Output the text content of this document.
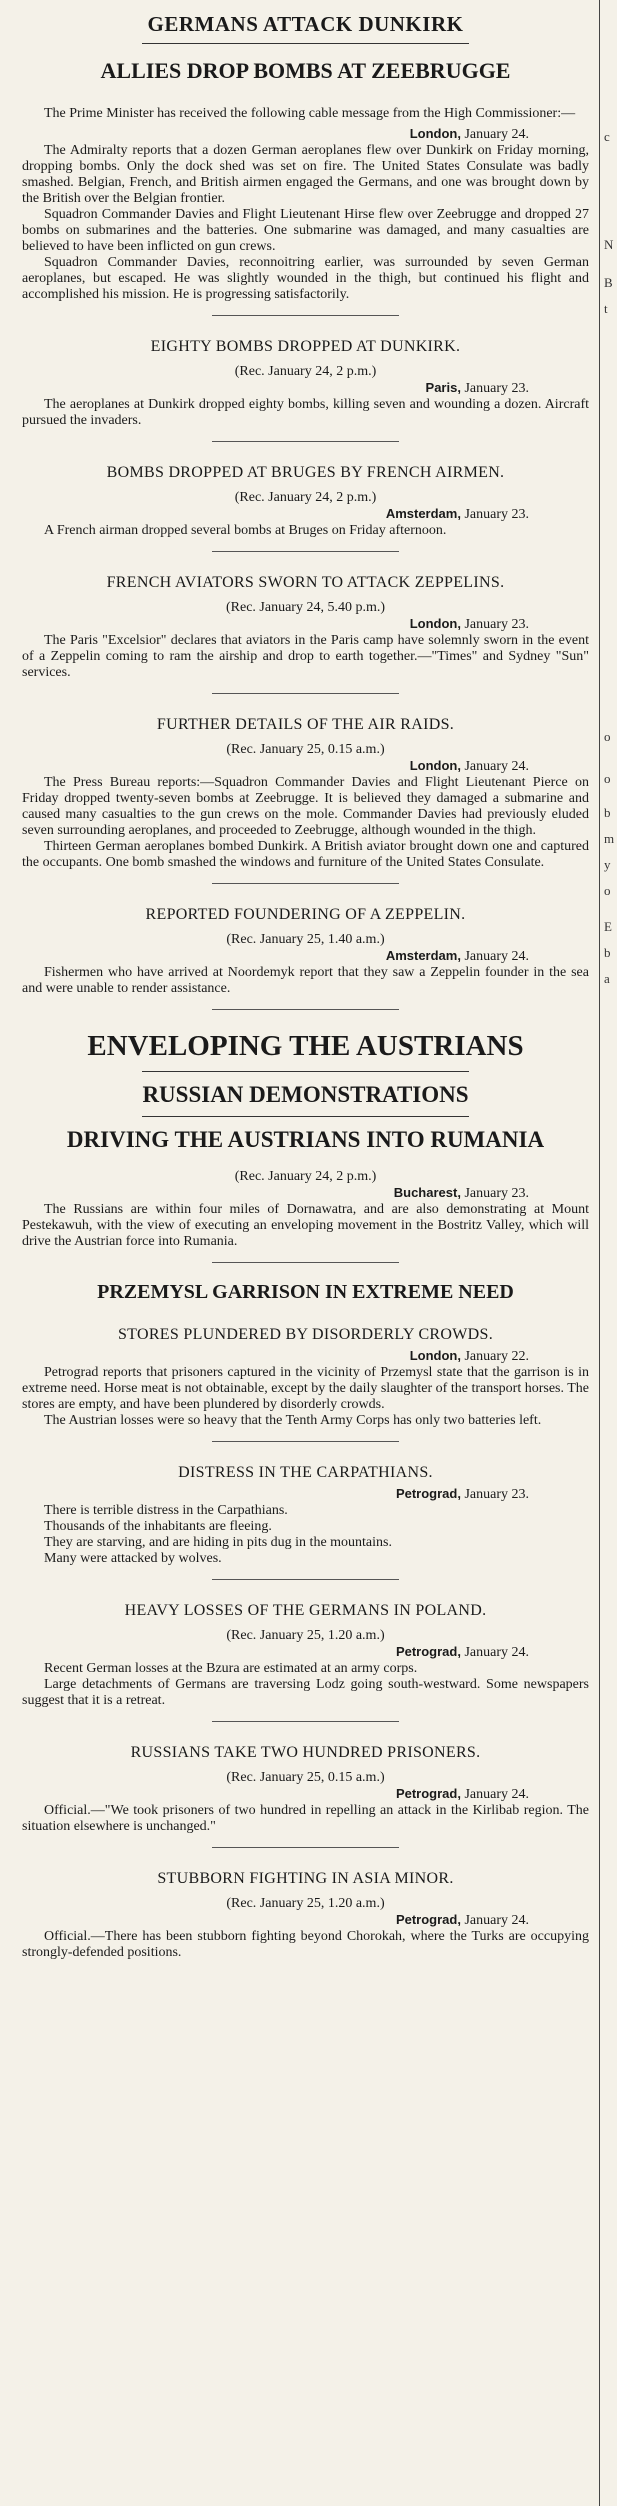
GERMANS ATTACK DUNKIRK
ALLIES DROP BOMBS AT ZEEBRUGGE

The Prime Minister has received the following cable message from the High Commissioner:—

London, January 24.

The Admiralty reports that a dozen German aeroplanes flew over Dunkirk on Friday morning, dropping bombs. Only the dock shed was set on fire. The United States Consulate was badly smashed. Belgian, French, and British airmen engaged the Germans, and one was brought down by the British over the Belgian frontier.

Squadron Commander Davies and Flight Lieutenant Hirse flew over Zeebrugge and dropped 27 bombs on submarines and the batteries. One submarine was damaged, and many casualties are believed to have been inflicted on gun crews.

Squadron Commander Davies, reconnoitring earlier, was surrounded by seven German aeroplanes, but escaped. He was slightly wounded in the thigh, but continued his flight and accomplished his mission. He is progressing satisfactorily.

EIGHTY BOMBS DROPPED AT DUNKIRK.
(Rec. January 24, 2 p.m.)
Paris, January 23.

The aeroplanes at Dunkirk dropped eighty bombs, killing seven and wounding a dozen. Aircraft pursued the invaders.

BOMBS DROPPED AT BRUGES BY FRENCH AIRMEN.
(Rec. January 24, 2 p.m.)
Amsterdam, January 23.

A French airman dropped several bombs at Bruges on Friday afternoon.

FRENCH AVIATORS SWORN TO ATTACK ZEPPELINS.
(Rec. January 24, 5.40 p.m.)
London, January 23.

The Paris "Excelsior" declares that aviators in the Paris camp have solemnly sworn in the event of a Zeppelin coming to ram the airship and drop to earth together.—"Times" and Sydney "Sun" services.

FURTHER DETAILS OF THE AIR RAIDS.
(Rec. January 25, 0.15 a.m.)
London, January 24.

The Press Bureau reports:—Squadron Commander Davies and Flight Lieutenant Pierce on Friday dropped twenty-seven bombs at Zeebrugge. It is believed they damaged a submarine and caused many casualties to the gun crews on the mole. Commander Davies had previously eluded seven surrounding aeroplanes, and proceeded to Zeebrugge, although wounded in the thigh.

Thirteen German aeroplanes bombed Dunkirk. A British aviator brought down one and captured the occupants. One bomb smashed the windows and furniture of the United States Consulate.

REPORTED FOUNDERING OF A ZEPPELIN.
(Rec. January 25, 1.40 a.m.)
Amsterdam, January 24.

Fishermen who have arrived at Noordemyk report that they saw a Zeppelin founder in the sea and were unable to render assistance.

ENVELOPING THE AUSTRIANS
RUSSIAN DEMONSTRATIONS
DRIVING THE AUSTRIANS INTO RUMANIA
(Rec. January 24, 2 p.m.)
Bucharest, January 23.

The Russians are within four miles of Dornawatra, and are also demonstrating at Mount Pestekawuh, with the view of executing an enveloping movement in the Bostritz Valley, which will drive the Austrian force into Rumania.

PRZEMYSL GARRISON IN EXTREME NEED
STORES PLUNDERED BY DISORDERLY CROWDS.
London, January 22.

Petrograd reports that prisoners captured in the vicinity of Przemysl state that the garrison is in extreme need. Horse meat is not obtainable, except by the daily slaughter of the transport horses. The stores are empty, and have been plundered by disorderly crowds.

The Austrian losses were so heavy that the Tenth Army Corps has only two batteries left.

DISTRESS IN THE CARPATHIANS.
Petrograd, January 23.

There is terrible distress in the Carpathians.

Thousands of the inhabitants are fleeing.

They are starving, and are hiding in pits dug in the mountains.

Many were attacked by wolves.

HEAVY LOSSES OF THE GERMANS IN POLAND.
(Rec. January 25, 1.20 a.m.)
Petrograd, January 24.

Recent German losses at the Bzura are estimated at an army corps.

Large detachments of Germans are traversing Lodz going south-westward. Some newspapers suggest that it is a retreat.

RUSSIANS TAKE TWO HUNDRED PRISONERS.
(Rec. January 25, 0.15 a.m.)
Petrograd, January 24.

Official.—"We took prisoners of two hundred in repelling an attack in the Kirlibab region. The situation elsewhere is unchanged."

STUBBORN FIGHTING IN ASIA MINOR.
(Rec. January 25, 1.20 a.m.)
Petrograd, January 24.

Official.—There has been stubborn fighting beyond Chorokah, where the Turks are occupying strongly-defended positions.

c
N
B
t
o
o
b
m
y
o
E
b
a
